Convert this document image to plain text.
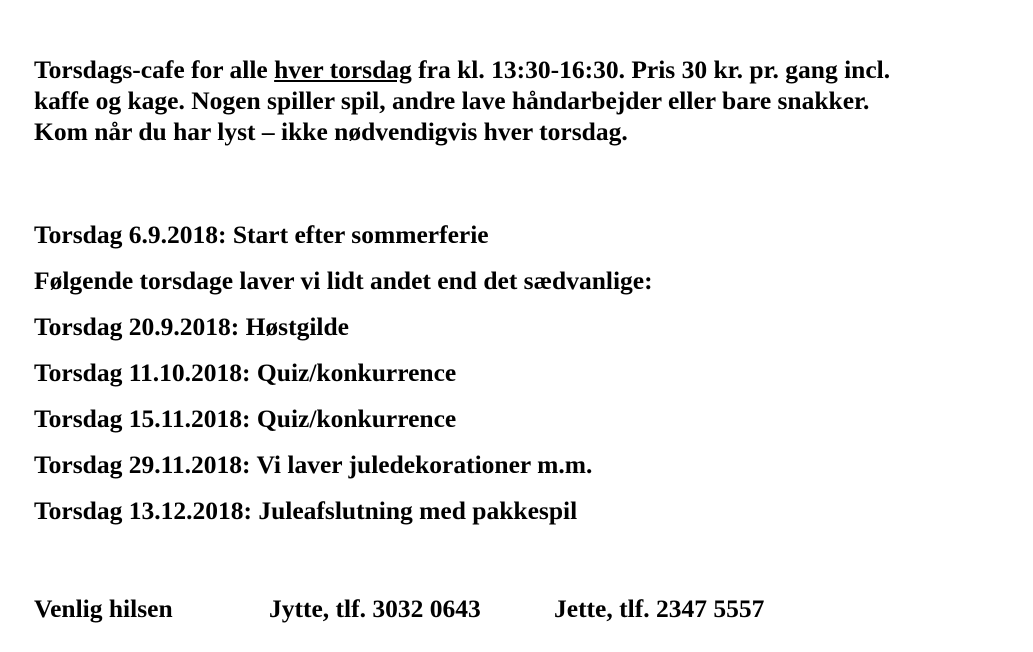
Torsdags-cafe for alle hver torsdag fra kl. 13:30-16:30. Pris 30 kr. pr. gang incl.
kaffe og kage. Nogen spiller spil, andre lave håndarbejder eller bare snakker.
Kom når du har lyst – ikke nødvendigvis hver torsdag.

Torsdag 6.9.2018: Start efter sommerferie
Følgende torsdage laver vi lidt andet end det sædvanlige:
Torsdag 20.9.2018: Høstgilde
Torsdag 11.10.2018: Quiz/konkurrence
Torsdag 15.11.2018: Quiz/konkurrence
Torsdag 29.11.2018: Vi laver juledekorationer m.m.
Torsdag 13.12.2018: Juleafslutning med pakkespil
Venlig hilsen	Jytte, tlf. 3032 0643	Jette, tlf. 2347 5557
